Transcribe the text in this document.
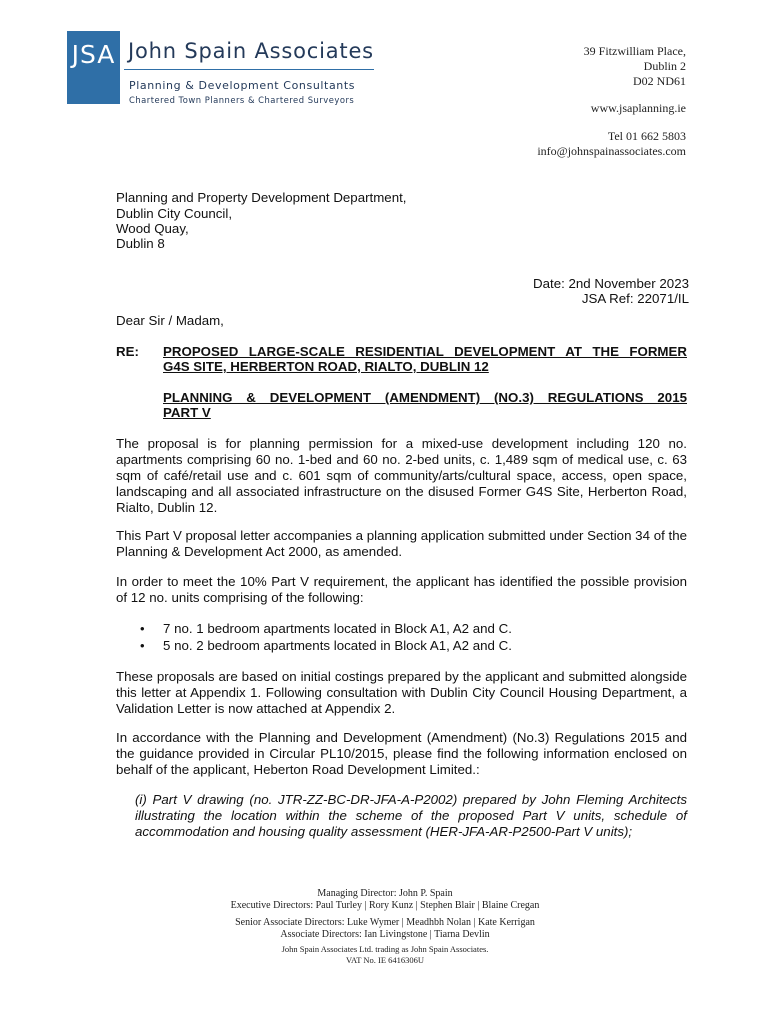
JSA John Spain Associates
Planning & Development Consultants
Chartered Town Planners & Chartered Surveyors
39 Fitzwilliam Place,
Dublin 2
D02 ND61
www.jsaplanning.ie
Tel 01 662 5803
info@johnspainassociates.com
Planning and Property Development Department,
Dublin City Council,
Wood Quay,
Dublin 8
Date: 2nd November 2023
JSA Ref: 22071/IL
Dear Sir / Madam,
RE: PROPOSED LARGE-SCALE RESIDENTIAL DEVELOPMENT AT THE FORMER
G4S SITE, HERBERTON ROAD, RIALTO, DUBLIN 12
PLANNING & DEVELOPMENT (AMENDMENT) (NO.3) REGULATIONS 2015
PART V
The proposal is for planning permission for a mixed-use development including 120 no. apartments comprising 60 no. 1-bed and 60 no. 2-bed units, c. 1,489 sqm of medical use, c. 63 sqm of café/retail use and c. 601 sqm of community/arts/cultural space, access, open space, landscaping and all associated infrastructure on the disused Former G4S Site, Herberton Road, Rialto, Dublin 12.
This Part V proposal letter accompanies a planning application submitted under Section 34 of the Planning & Development Act 2000, as amended.
In order to meet the 10% Part V requirement, the applicant has identified the possible provision of 12 no. units comprising of the following:
• 7 no. 1 bedroom apartments located in Block A1, A2 and C.
• 5 no. 2 bedroom apartments located in Block A1, A2 and C.
These proposals are based on initial costings prepared by the applicant and submitted alongside this letter at Appendix 1. Following consultation with Dublin City Council Housing Department, a Validation Letter is now attached at Appendix 2.
In accordance with the Planning and Development (Amendment) (No.3) Regulations 2015 and the guidance provided in Circular PL10/2015, please find the following information enclosed on behalf of the applicant, Heberton Road Development Limited.:
(i) Part V drawing (no. JTR-ZZ-BC-DR-JFA-A-P2002) prepared by John Fleming Architects illustrating the location within the scheme of the proposed Part V units, schedule of accommodation and housing quality assessment (HER-JFA-AR-P2500-Part V units);
Managing Director: John P. Spain
Executive Directors: Paul Turley | Rory Kunz | Stephen Blair | Blaine Cregan
Senior Associate Directors: Luke Wymer | Meadhbh Nolan | Kate Kerrigan
Associate Directors: Ian Livingstone | Tiarna Devlin
John Spain Associates Ltd. trading as John Spain Associates.
VAT No. IE 6416306U
